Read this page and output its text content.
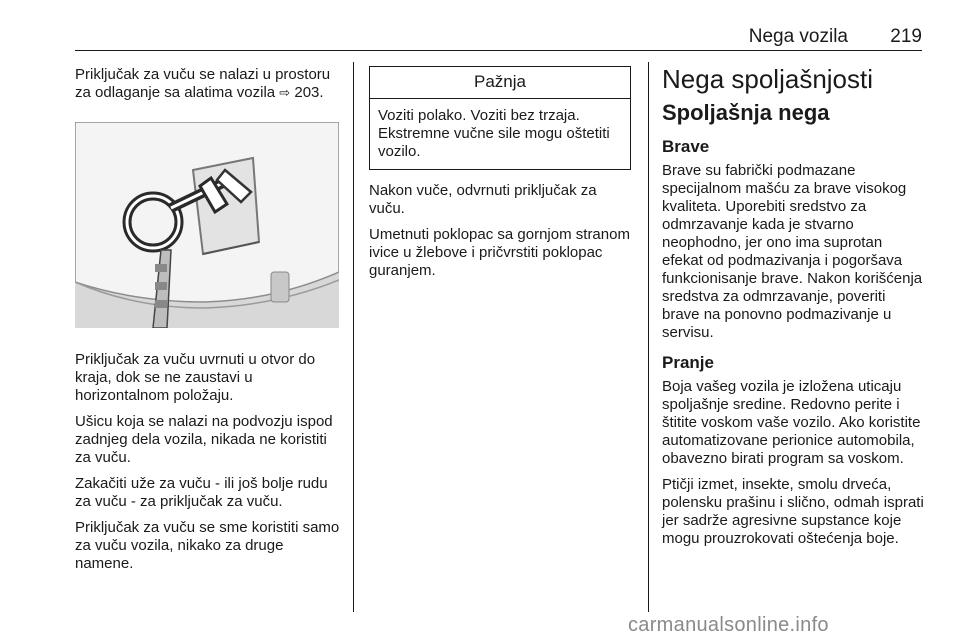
Nega vozila 219

Priključak za vuču se nalazi u prostoru za odlaganje sa alatima vozila ⇨ 203.

Priključak za vuču uvrnuti u otvor do kraja, dok se ne zaustavi u horizontalnom položaju.

Ušicu koja se nalazi na podvozju ispod zadnjeg dela vozila, nikada ne koristiti za vuču.

Zakačiti uže za vuču - ili još bolje rudu za vuču - za priključak za vuču.

Priključak za vuču se sme koristiti samo za vuču vozila, nikako za druge namene.

Pažnja
Voziti polako. Voziti bez trzaja. Ekstremne vučne sile mogu oštetiti vozilo.

Nakon vuče, odvrnuti priključak za vuču.

Umetnuti poklopac sa gornjom stranom ivice u žlebove i pričvrstiti poklopac guranjem.

Nega spoljašnjosti
Spoljašnja nega
Brave

Brave su fabrički podmazane specijalnom mašću za brave visokog kvaliteta. Uporebiti sredstvo za odmrzavanje kada je stvarno neophodno, jer ono ima suprotan efekat od podmazivanja i pogoršava funkcionisanje brave. Nakon korišćenja sredstva za odmrzavanje, poveriti brave na ponovno podmazivanje u servisu.

Pranje

Boja vašeg vozila je izložena uticaju spoljašnje sredine. Redovno perite i štitite voskom vaše vozilo. Ako koristite automatizovane perionice automobila, obavezno birati program sa voskom.

Ptičji izmet, insekte, smolu drveća, polensku prašinu i slično, odmah isprati jer sadrže agresivne supstance koje mogu prouzrokovati oštećenja boje.

carmanualsonline.info
